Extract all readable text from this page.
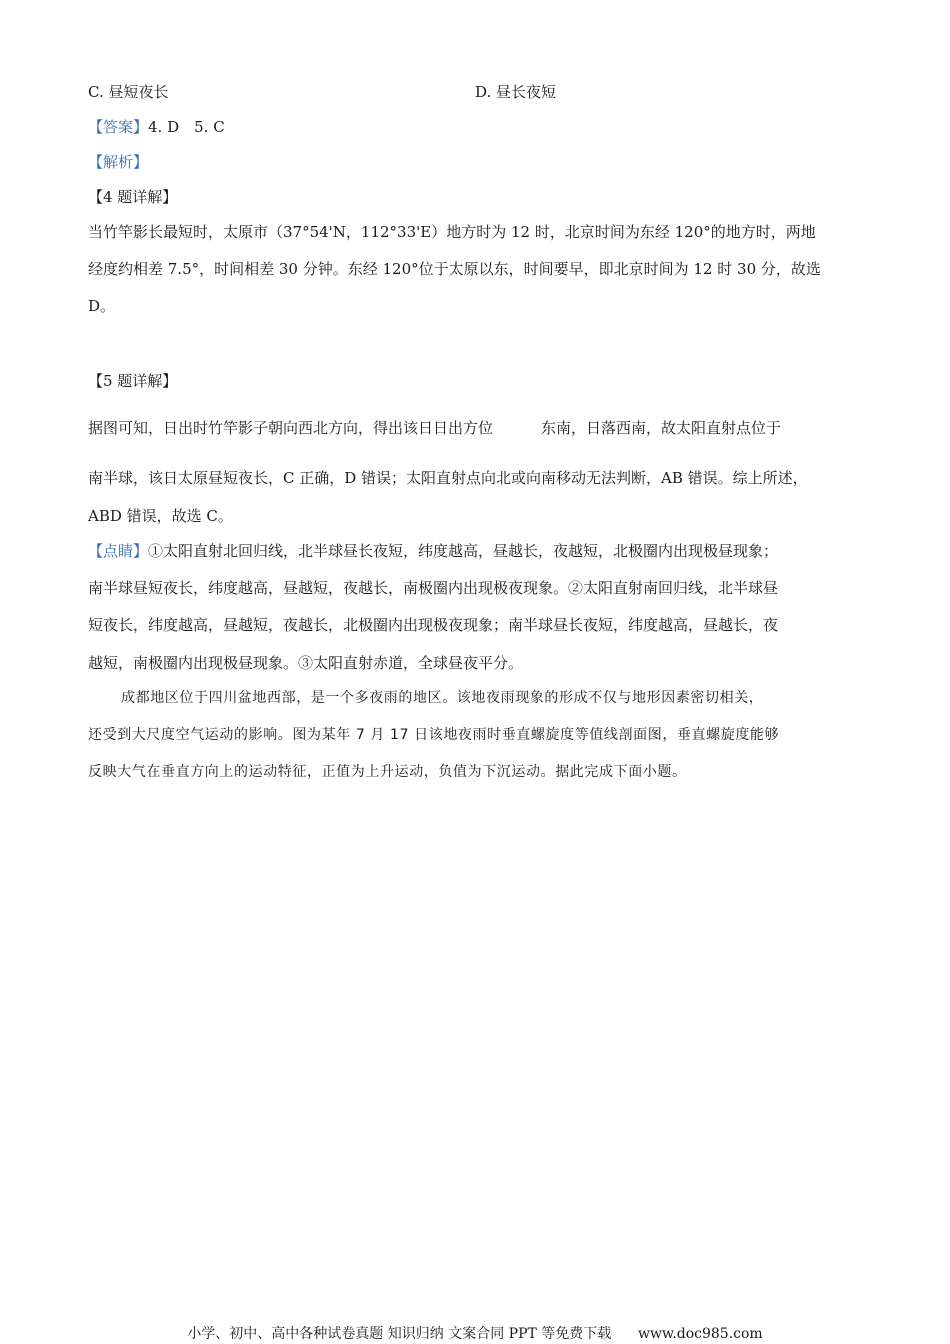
C. 昼短夜长	D. 昼长夜短
【答案】4. D　5. C
【解析】
【4 题详解】
当竹竿影长最短时，太原市（37°54'N，112°33'E）地方时为 12 时，北京时间为东经 120°的地方时，两地
经度约相差 7.5°，时间相差 30 分钟。东经 120°位于太原以东，时间要早，即北京时间为 12 时 30 分，故选
D。
【5 题详解】
据图可知，日出时竹竿影子朝向西北方向，得出该日日出方位	东南，日落西南，故太阳直射点位于
南半球，该日太原昼短夜长，C 正确，D 错误；太阳直射点向北或向南移动无法判断，AB 错误。综上所述，
ABD 错误，故选 C。
【点睛】①太阳直射北回归线，北半球昼长夜短，纬度越高，昼越长，夜越短，北极圈内出现极昼现象；
南半球昼短夜长，纬度越高，昼越短，夜越长，南极圈内出现极夜现象。②太阳直射南回归线，北半球昼
短夜长，纬度越高，昼越短，夜越长，北极圈内出现极夜现象；南半球昼长夜短，纬度越高，昼越长，夜
越短，南极圈内出现极昼现象。③太阳直射赤道，全球昼夜平分。
成都地区位于四川盆地西部，是一个多夜雨的地区。该地夜雨现象的形成不仅与地形因素密切相关，
还受到大尺度空气运动的影响。图为某年 7 月 17 日该地夜雨时垂直螺旋度等值线剖面图，垂直螺旋度能够
反映大气在垂直方向上的运动特征，正值为上升运动，负值为下沉运动。据此完成下面小题。
小学、初中、高中各种试卷真题 知识归纳 文案合同 PPT 等免费下载 www.doc985.com
